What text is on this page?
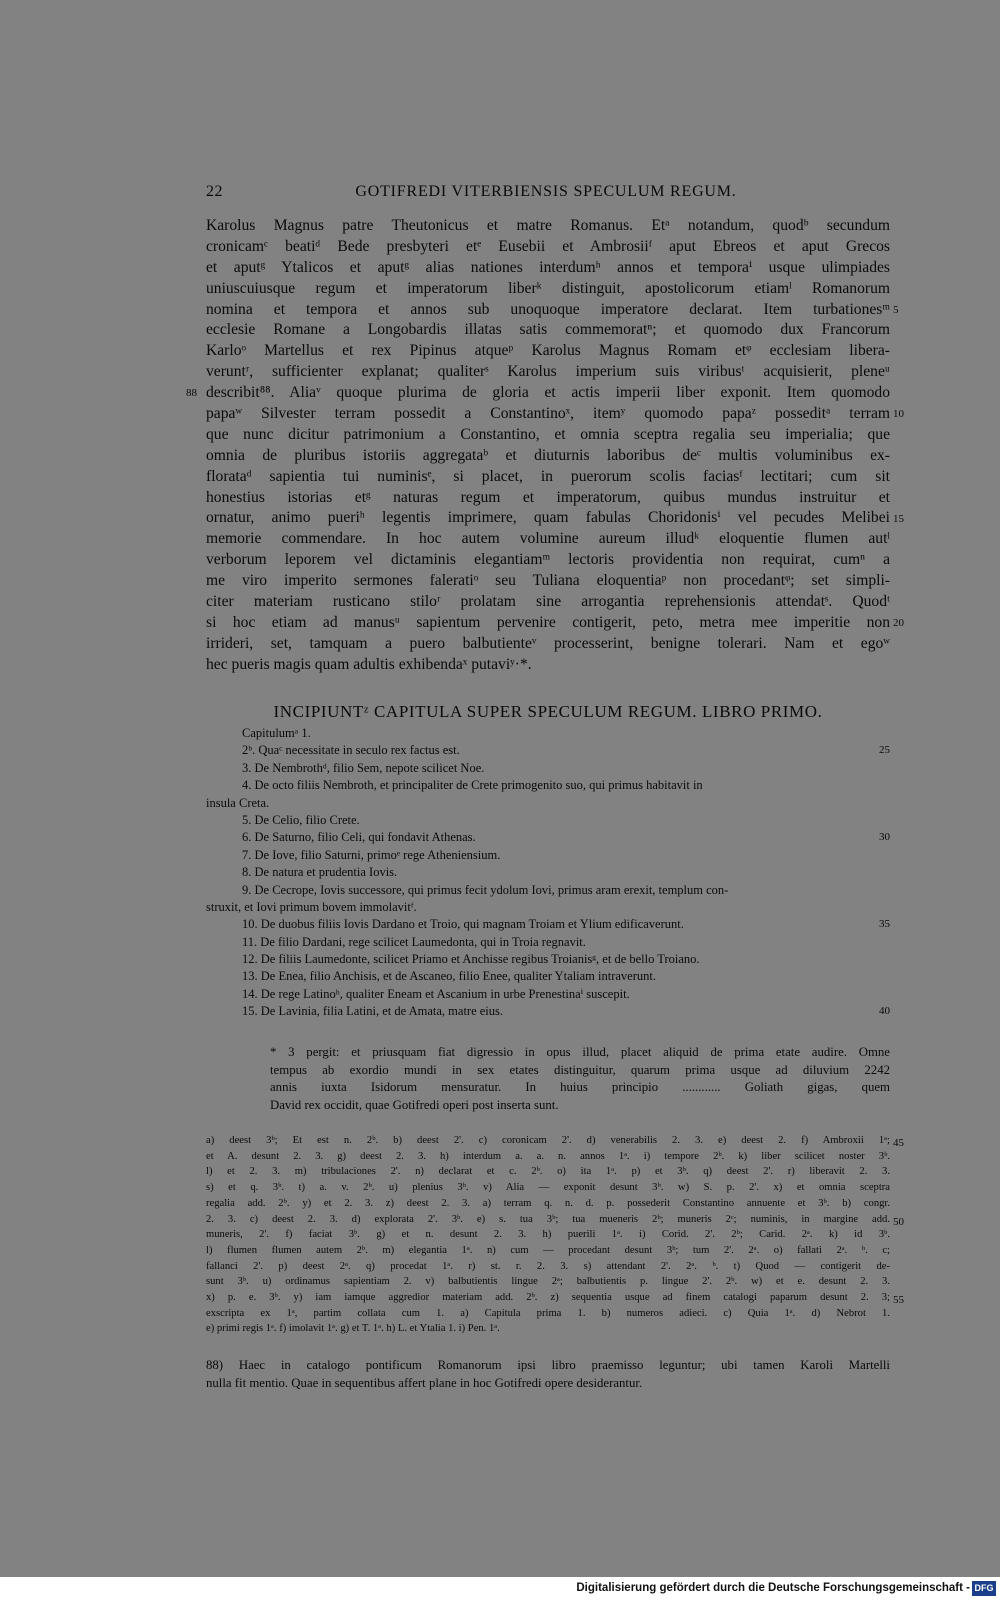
22	GOTIFREDI VITERBIENSIS SPECULUM REGUM.
Karolus Magnus patre Theutonicus et matre Romanus. Etᵃ notandum, quodᵇ secundum
cronicamᶜ beatiᵈ Bede presbyteri etᵉ Eusebii et Ambrosiiᶠ aput Ebreos et aput Grecos
et aputᵍ Ytalicos et aputᵍ alias nationes interdumʰ annos et temporaⁱ usque ulimpiades
uniuscuiusque regum et imperatorum liberᵏ distinguit, apostolicorum etiamˡ Romanorum
nomina et tempora et annos sub unoquoque imperatore declarat. Item turbationesᵐ
ecclesie Romane a Longobardis illatas satis commemoratⁿ; et quomodo dux Francorum
Karloᵒ Martellus et rex Pipinus atqueᵖ Karolus Magnus Romam etᵠ ecclesiam libera-
veruntʳ, sufficienter explanat; qualiterˢ Karolus imperium suis viribusᵗ acquisierit, pleneᵘ
describit⁸⁸. Aliaᵛ quoque plurima de gloria et actis imperii liber exponit. Item quomodo
papaʷ Silvester terram possedit a Constantinoˣ, itemʸ quomodo papaᶻ posseditᵃ terram
que nunc dicitur patrimonium a Constantino, et omnia sceptra regalia seu imperialia; que
omnia de pluribus istoriis aggregataᵇ et diuturnis laboribus deᶜ multis voluminibus ex-
florataᵈ sapientia tui numinisᵉ, si placet, in puerorum scolis faciasᶠ lectitari; cum sit
honestius istorias etᵍ naturas regum et imperatorum, quibus mundus instruitur et
ornatur, animo pueriʰ legentis imprimere, quam fabulas Choridonisⁱ vel pecudes Melibei
memorie commendare. In hoc autem volumine aureum illudᵏ eloquentie flumen autˡ
verborum leporem vel dictaminis elegantiamᵐ lectoris providentia non requirat, cumⁿ a
me viro imperito sermones faleratiᵒ seu Tuliana eloquentiaᵖ non procedantᵠ; set simpli-
citer materiam rusticano stiloʳ prolatam sine arrogantia reprehensionis attendatˢ. Quodᵗ
si hoc etiam ad manusᵘ sapientum pervenire contigerit, peto, metra mee imperitie non
irrideri, set, tamquam a puero balbutienteᵛ processerint, benigne tolerari. Nam et egoʷ
hec pueris magis quam adultis exhibendaˣ putaviʸ·*.
5
10
15
20
88
INCIPIUNTᶻ CAPITULA SUPER SPECULUM REGUM. LIBRO PRIMO.
Capitulumᵃ 1.
2ᵇ. Quaᶜ necessitate in seculo rex factus est.	25
3. De Nembrothᵈ, filio Sem, nepote scilicet Noe.
4. De octo filiis Nembroth, et principaliter de Crete primogenito suo, qui primus habitavit in
insula Creta.
5. De Celio, filio Crete.
6. De Saturno, filio Celi, qui fondavit Athenas.	30
7. De Iove, filio Saturni, primoᵉ rege Atheniensium.
8. De natura et prudentia Iovis.
9. De Cecrope, Iovis successore, qui primus fecit ydolum Iovi, primus aram erexit, templum con-
struxit, et Iovi primum bovem immolavitᶠ.
10. De duobus filiis Iovis Dardano et Troio, qui magnam Troiam et Ylium edificaverunt.	35
11. De filio Dardani, rege scilicet Laumedonta, qui in Troia regnavit.
12. De filiis Laumedonte, scilicet Priamo et Anchisse regibus Troianisᵍ, et de bello Troiano.
13. De Enea, filio Anchisis, et de Ascaneo, filio Enee, qualiter Ytaliam intraverunt.
14. De rege Latinoʰ, qualiter Eneam et Ascanium in urbe Prenestinaⁱ suscepit.
15. De Lavinia, filia Latini, et de Amata, matre eius.	40
* 3 pergit: et priusquam fiat digressio in opus illud, placet aliquid de prima etate audire. Omne
tempus ab exordio mundi in sex etates distinguitur, quarum prima usque ad diluvium 2242
annis iuxta Isidorum mensuratur. In huius principio ............ Goliath gigas, quem
David rex occidit, quae Gotifredi operi post inserta sunt.
a) deest 3ᵇ; Et est n. 2ᵇ. b) deest 2'. c) coronicam 2'. d) venerabilis 2. 3. e) deest 2. f) Ambroxii 1ᵃ;
et A. desunt 2. 3. g) deest 2. 3. h) interdum a. a. n. annos 1ᵃ. i) tempore 2ᵇ. k) liber scilicet noster 3ᵇ.
l) et 2. 3. m) tribulaciones 2'. n) declarat et c. 2ᵇ. o) ita 1ᵃ. p) et 3ᵇ. q) deest 2'. r) liberavit 2. 3.
s) et q. 3ᵇ. t) a. v. 2ᵇ. u) plenius 3ᵇ. v) Alia — exponit desunt 3ᵇ. w) S. p. 2'. x) et omnia sceptra
regalia add. 2ᵇ. y) et 2. 3. z) deest 2. 3. a) terram q. n. d. p. possederit Constantino annuente et 3ᵇ. b) congr.
2. 3. c) deest 2. 3. d) explorata 2'. 3ᵇ. e) s. tua 3ᵇ; tua mueneris 2ᵇ; muneris 2ᶜ; numinis, in margine add.
muneris, 2'. f) faciat 3ᵇ. g) et n. desunt 2. 3. h) puerili 1ᵃ. i) Corid. 2'. 2ᵇ; Carid. 2ᵃ. k) id 3ᵇ.
l) flumen flumen autem 2ᵇ. m) elegantia 1ᵃ. n) cum — procedant desunt 3ᵇ; tum 2'. 2ᵃ. o) fallati 2ᵃ. ᵇ. c;
fallanci 2'. p) deest 2ᵃ. q) procedat 1ᵃ. r) st. r. 2. 3. s) attendant 2'. 2ᵃ. ᵇ. t) Quod — contigerit de-
sunt 3ᵇ. u) ordinamus sapientiam 2. v) balbutientis lingue 2ᵃ; balbutientis p. lingue 2'. 2ᵇ. w) et e. desunt 2. 3.
x) p. e. 3ᵇ. y) iam iamque aggredior materiam add. 2ᵇ. z) sequentia usque ad finem catalogi paparum desunt 2. 3;
exscripta ex 1ᵃ, partim collata cum 1. a) Capitula prima 1. b) numeros adieci. c) Quia 1ᵃ. d) Nebrot 1.
e) primi regis 1ᵃ. f) imolavit 1ᵃ. g) et T. 1ᵃ. h) L. et Ytalia 1. i) Pen. 1ᵃ.
45
50
55
88) Haec in catalogo pontificum Romanorum ipsi libro praemisso leguntur; ubi tamen Karoli Martelli
nulla fit mentio. Quae in sequentibus affert plane in hoc Gotifredi opere desiderantur.
Digitalisierung gefördert durch die Deutsche Forschungsgemeinschaft - DFG
